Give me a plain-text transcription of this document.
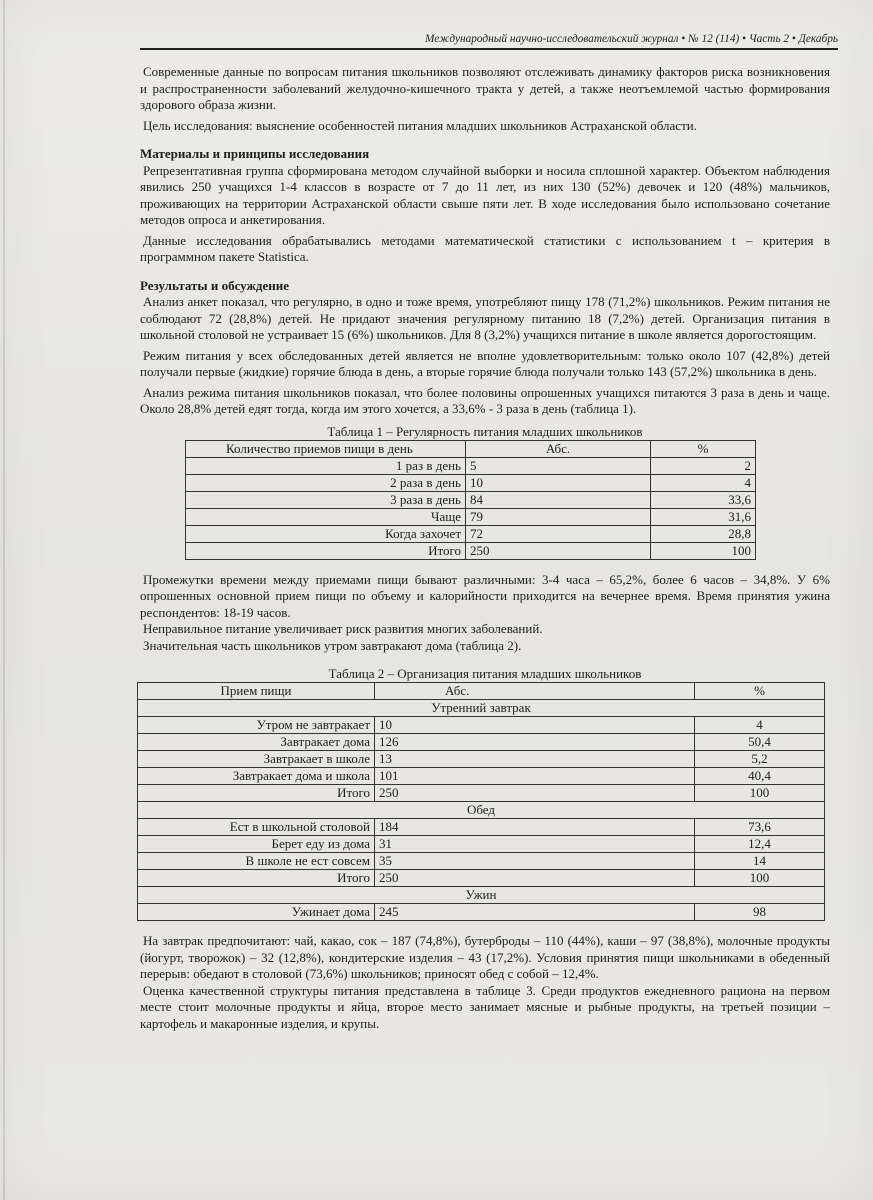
Международный научно-исследовательский журнал • № 12 (114) • Часть 2 • Декабрь

Современные данные по вопросам питания школьников позволяют отслеживать динамику факторов риска возникновения и распространенности заболеваний желудочно-кишечного тракта у детей, а также неотъемлемой частью формирования здорового образа жизни.

Цель исследования: выяснение особенностей питания младших школьников Астраханской области.

Материалы и принципы исследования

Репрезентативная группа сформирована методом случайной выборки и носила сплошной характер. Объектом наблюдения явились 250 учащихся 1-4 классов в возрасте от 7 до 11 лет, из них 130 (52%) девочек и 120 (48%) мальчиков, проживающих на территории Астраханской области свыше пяти лет. В ходе исследования было использовано сочетание методов опроса и анкетирования.

Данные исследования обрабатывались методами математической статистики с использованием t – критерия в программном пакете Statistica.

Результаты и обсуждение

Анализ анкет показал, что регулярно, в одно и тоже время, употребляют пищу 178 (71,2%) школьников. Режим питания не соблюдают 72 (28,8%) детей. Не придают значения регулярному питанию 18 (7,2%) детей. Организация питания в школьной столовой не устраивает 15 (6%) школьников. Для 8 (3,2%) учащихся питание в школе является дорогостоящим.

Режим питания у всех обследованных детей является не вполне удовлетворительным: только около 107 (42,8%) детей получали первые (жидкие) горячие блюда в день, а вторые горячие блюда получали только 143 (57,2%) школьника в день.

Анализ режима питания школьников показал, что более половины опрошенных учащихся питаются 3 раза в день и чаще. Около 28,8% детей едят тогда, когда им этого хочется, а 33,6% - 3 раза в день (таблица 1).

Таблица 1 – Регулярность питания младших школьников

Количество приемов пищи в день	Абс.	%
1 раз в день	5	2
2 раза в день	10	4
3 раза в день	84	33,6
Чаще	79	31,6
Когда захочет	72	28,8
Итого	250	100

Промежутки времени между приемами пищи бывают различными: 3-4 часа – 65,2%, более 6 часов – 34,8%. У 6% опрошенных основной прием пищи по объему и калорийности приходится на вечернее время. Время принятия ужина респондентов: 18-19 часов.

Неправильное питание увеличивает риск развития многих заболеваний.

Значительная часть школьников утром завтракают дома (таблица 2).

Таблица 2 – Организация питания младших школьников

Прием пищи	Абс.	%
Утренний завтрак		
Утром не завтракает	10	4
Завтракает дома	126	50,4
Завтракает в школе	13	5,2
Завтракает дома и школа	101	40,4
Итого	250	100
Обед		
Ест в школьной столовой	184	73,6
Берет еду из дома	31	12,4
В школе не ест совсем	35	14
Итого	250	100
Ужин		
Ужинает дома	245	98

На завтрак предпочитают: чай, какао, сок – 187 (74,8%), бутерброды – 110 (44%), каши – 97 (38,8%), молочные продукты (йогурт, творожок) – 32 (12,8%), кондитерские изделия – 43 (17,2%). Условия принятия пищи школьниками в обеденный перерыв: обедают в столовой (73,6%) школьников; приносят обед с собой – 12,4%.

Оценка качественной структуры питания представлена в таблице 3. Среди продуктов ежедневного рациона на первом месте стоит молочные продукты и яйца, второе место занимает мясные и рыбные продукты, на третьей позиции – картофель и макаронные изделия, и крупы.
